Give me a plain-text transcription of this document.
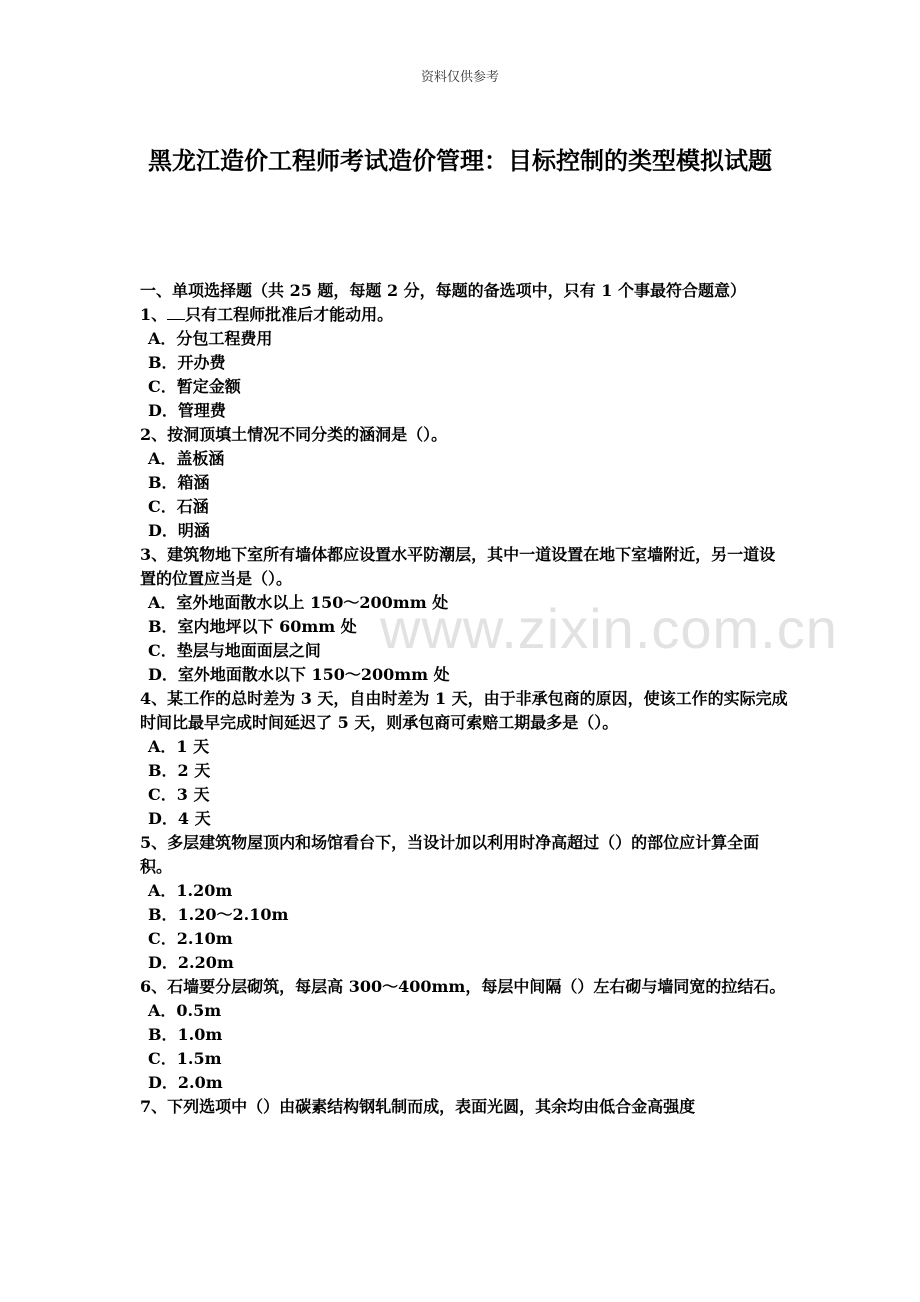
资料仅供参考
黑龙江造价工程师考试造价管理：目标控制的类型模拟试题
www.zixin.com.cn

一、单项选择题（共 25 题，每题 2 分，每题的备选项中，只有 1 个事最符合题意）

1、 只有工程师批准后才能动用。

A．分包工程费用

B．开办费

C．暂定金额

D．管理费

2、按洞顶填土情况不同分类的涵洞是（）。

A．盖板涵

B．箱涵

C．石涵

D．明涵

3、建筑物地下室所有墙体都应设置水平防潮层，其中一道设置在地下室墙附近，另一道设置的位置应当是（）。

A．室外地面散水以上 150～200mm 处

B．室内地坪以下 60mm 处

C．垫层与地面面层之间

D．室外地面散水以下 150～200mm 处

4、某工作的总时差为 3 天，自由时差为 1 天，由于非承包商的原因，使该工作的实际完成时间比最早完成时间延迟了 5 天，则承包商可索赔工期最多是（）。

A．1 天

B．2 天

C．3 天

D．4 天

5、多层建筑物屋顶内和场馆看台下，当设计加以利用时净高超过（）的部位应计算全面积。

A．1.20m

B．1.20～2.10m

C．2.10m

D．2.20m

6、石墙要分层砌筑，每层高 300～400mm，每层中间隔（）左右砌与墙同宽的拉结石。

A．0.5m

B．1.0m

C．1.5m

D．2.0m

7、下列选项中（）由碳素结构钢轧制而成，表面光圆，其余均由低合金高强度
